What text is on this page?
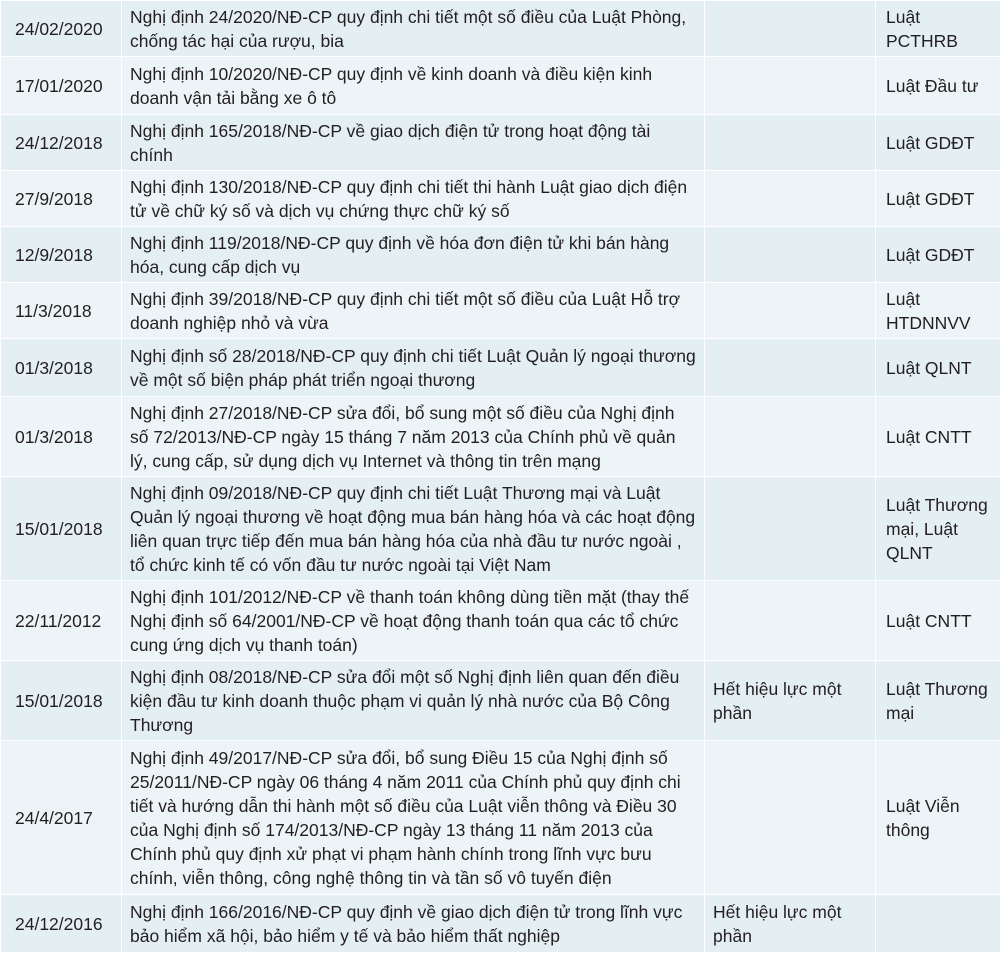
24/02/2020	Nghị định 24/2020/NĐ-CP quy định chi tiết một số điều của Luật Phòng, chống tác hại của rượu, bia		Luật PCTHRB
17/01/2020	Nghị định 10/2020/NĐ-CP quy định về kinh doanh và điều kiện kinh doanh vận tải bằng xe ô tô		Luật Đầu tư
24/12/2018	Nghị định 165/2018/NĐ-CP về giao dịch điện tử trong hoạt động tài chính		Luật GDĐT
27/9/2018	Nghị định 130/2018/NĐ-CP quy định chi tiết thi hành Luật giao dịch điện tử về chữ ký số và dịch vụ chứng thực chữ ký số		Luật GDĐT
12/9/2018	Nghị định 119/2018/NĐ-CP quy định về hóa đơn điện tử khi bán hàng hóa, cung cấp dịch vụ		Luật GDĐT
11/3/2018	Nghị định 39/2018/NĐ-CP quy định chi tiết một số điều của Luật Hỗ trợ doanh nghiệp nhỏ và vừa		Luật HTDNNVV
01/3/2018	Nghị định số 28/2018/NĐ-CP quy định chi tiết Luật Quản lý ngoại thương về một số biện pháp phát triển ngoại thương		Luật QLNT
01/3/2018	Nghị định 27/2018/NĐ-CP sửa đổi, bổ sung một số điều của Nghị định số 72/2013/NĐ-CP ngày 15 tháng 7 năm 2013 của Chính phủ về quản lý, cung cấp, sử dụng dịch vụ Internet và thông tin trên mạng		Luật CNTT
15/01/2018	Nghị định 09/2018/NĐ-CP quy định chi tiết Luật Thương mại và Luật Quản lý ngoại thương về hoạt động mua bán hàng hóa và các hoạt động liên quan trực tiếp đến mua bán hàng hóa của nhà đầu tư nước ngoài , tổ chức kinh tế có vốn đầu tư nước ngoài tại Việt Nam		Luật Thương mại, Luật QLNT
22/11/2012	Nghị định 101/2012/NĐ-CP về thanh toán không dùng tiền mặt (thay thế Nghị định số 64/2001/NĐ-CP về hoạt động thanh toán qua các tổ chức cung ứng dịch vụ thanh toán)		Luật CNTT
15/01/2018	Nghị định 08/2018/NĐ-CP sửa đổi một số Nghị định liên quan đến điều kiện đầu tư kinh doanh thuộc phạm vi quản lý nhà nước của Bộ Công Thương	Hết hiệu lực một phần	Luật Thương mại
24/4/2017	Nghị định 49/2017/NĐ-CP sửa đổi, bổ sung Điều 15 của Nghị định số 25/2011/NĐ-CP ngày 06 tháng 4 năm 2011 của Chính phủ quy định chi tiết và hướng dẫn thi hành một số điều của Luật viễn thông và Điều 30 của Nghị định số 174/2013/NĐ-CP ngày 13 tháng 11 năm 2013 của Chính phủ quy định xử phạt vi phạm hành chính trong lĩnh vực bưu chính, viễn thông, công nghệ thông tin và tần số vô tuyến điện		Luật Viễn thông
24/12/2016	Nghị định 166/2016/NĐ-CP quy định về giao dịch điện tử trong lĩnh vực bảo hiểm xã hội, bảo hiểm y tế và bảo hiểm thất nghiệp	Hết hiệu lực một phần	
